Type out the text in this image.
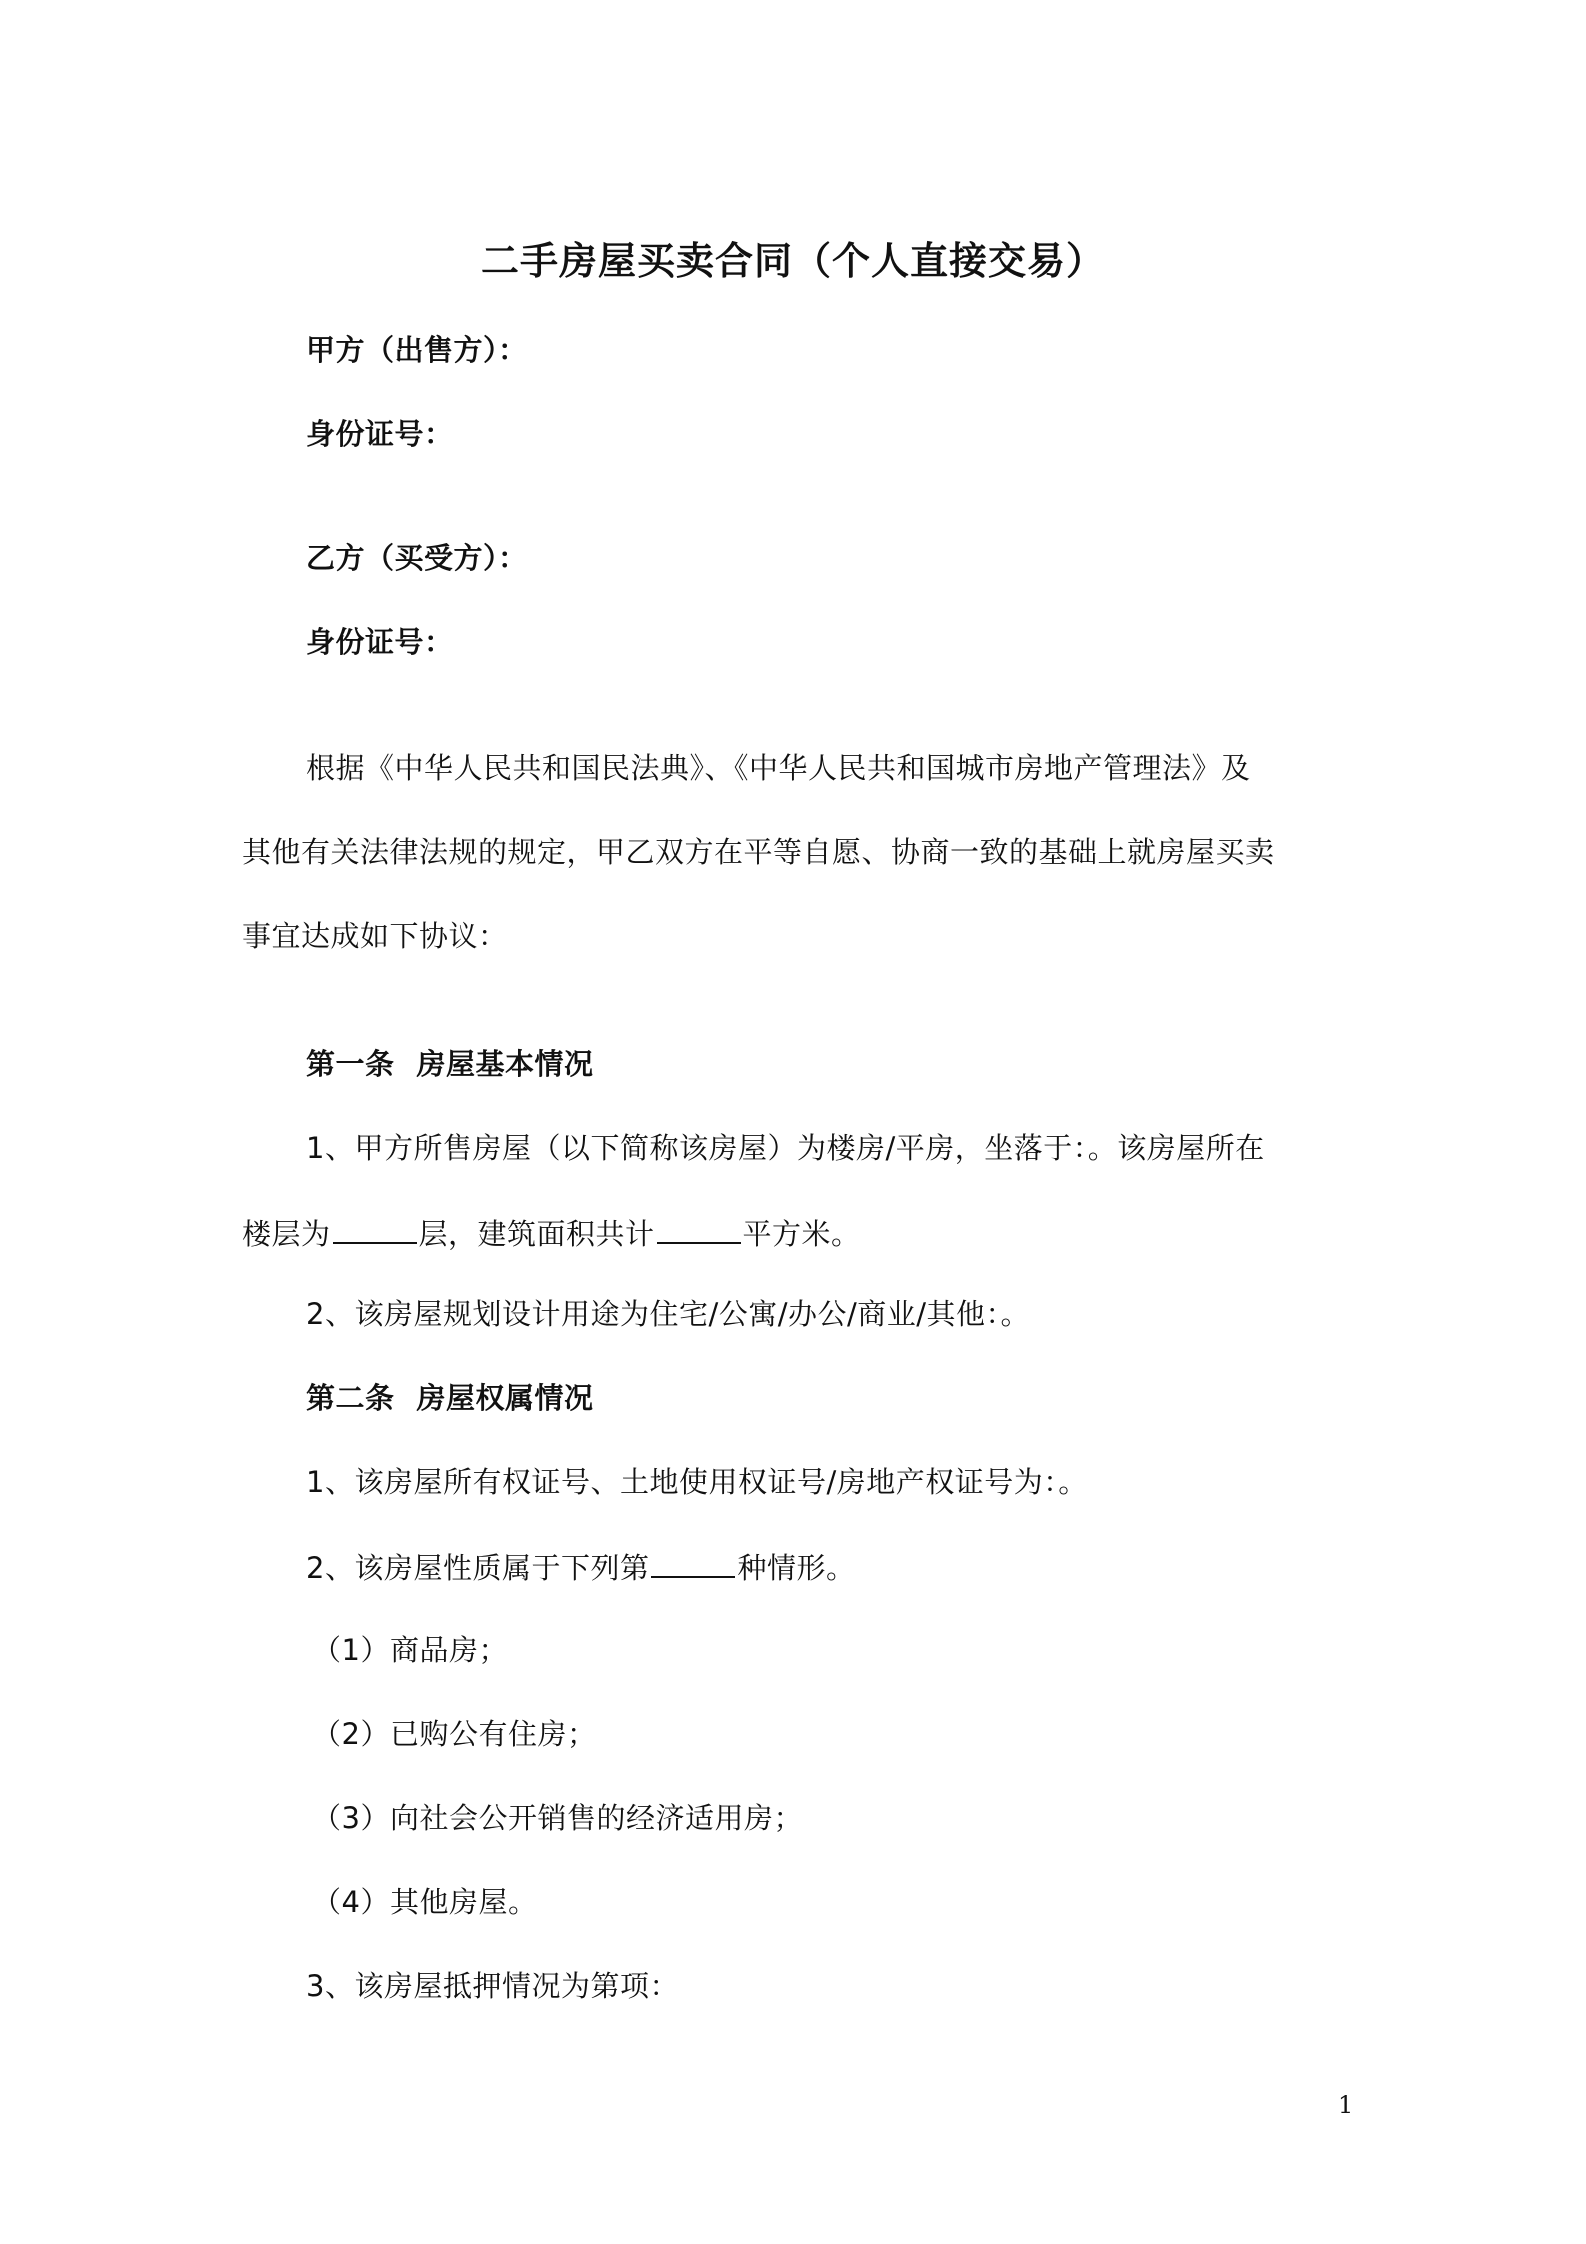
二手房屋买卖合同（个人直接交易）
甲方（出售方）：
身份证号：
乙方（买受方）：
身份证号：
根据《中华人民共和国民法典》、《中华人民共和国城市房地产管理法》及
其他有关法律法规的规定，甲乙双方在平等自愿、协商一致的基础上就房屋买卖
事宜达成如下协议：
第一条 房屋基本情况
1、甲方所售房屋（以下简称该房屋）为楼房/平房，坐落于：。该房屋所在
楼层为	层，建筑面积共计	平方米。
2、该房屋规划设计用途为住宅/公寓/办公/商业/其他：。
第二条 房屋权属情况
1、该房屋所有权证号、土地使用权证号/房地产权证号为：。
2、该房屋性质属于下列第	种情形。
（1）商品房；
（2）已购公有住房；
（3）向社会公开销售的经济适用房；
（4）其他房屋。
3、该房屋抵押情况为第项：
1
